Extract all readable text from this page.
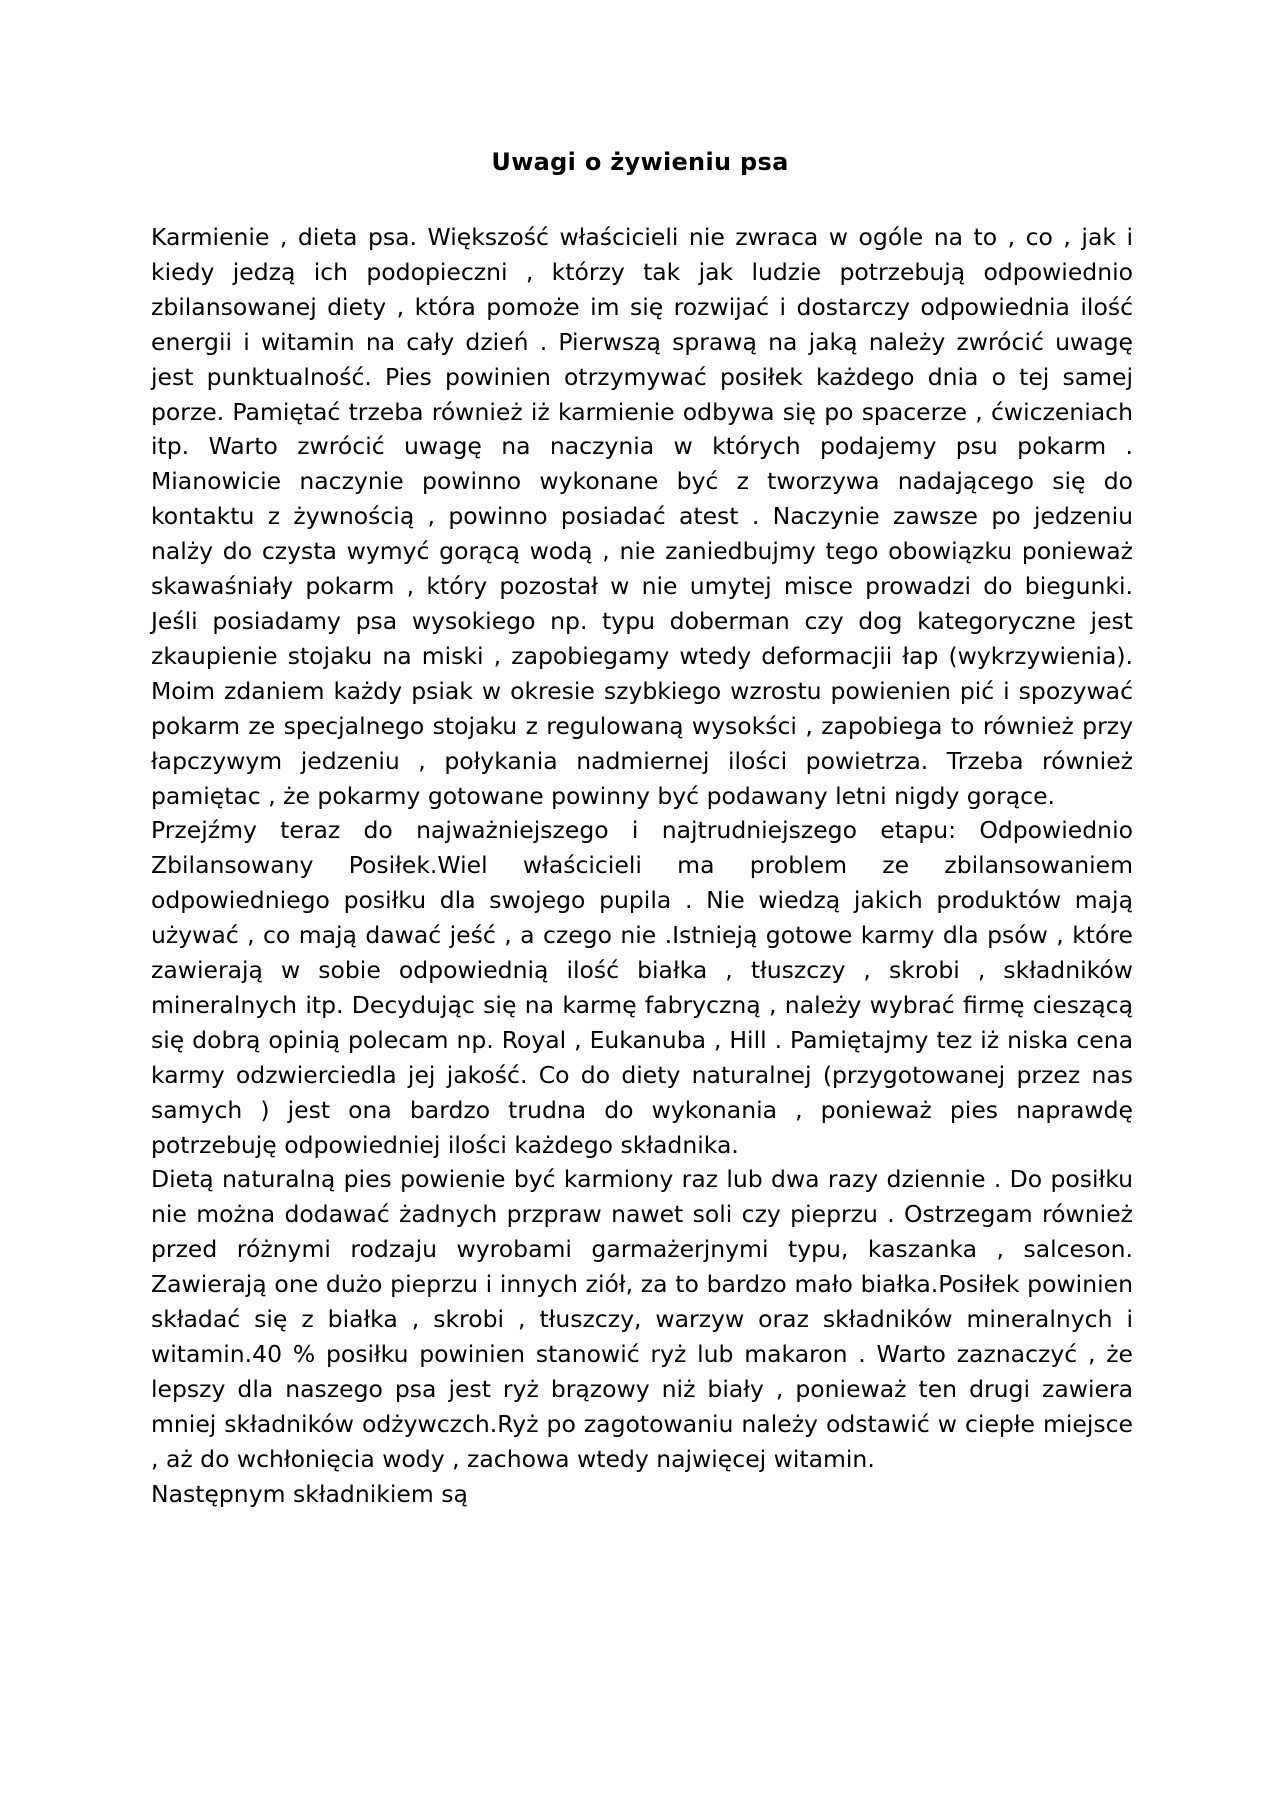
Uwagi o żywieniu psa

Karmienie , dieta psa. Większość właścicieli nie zwraca w ogóle na to , co , jak i kiedy jedzą ich podopieczni , którzy tak jak ludzie potrzebują odpowiednio zbilansowanej diety , która pomoże im się rozwijać i dostarczy odpowiednia ilość energii i witamin na cały dzień . Pierwszą sprawą na jaką należy zwrócić uwagę jest punktualność. Pies powinien otrzymywać posiłek każdego dnia o tej samej porze. Pamiętać trzeba również iż karmienie odbywa się po spacerze , ćwiczeniach itp. Warto zwrócić uwagę na naczynia w których podajemy psu pokarm . Mianowicie naczynie powinno wykonane być z tworzywa nadającego się do kontaktu z żywnością , powinno posiadać atest . Naczynie zawsze po jedzeniu nalży do czysta wymyć gorącą wodą , nie zaniedbujmy tego obowiązku ponieważ skawaśniały pokarm , który pozostał w nie umytej misce prowadzi do biegunki. Jeśli posiadamy psa wysokiego np. typu doberman czy dog kategoryczne jest zkaupienie stojaku na miski , zapobiegamy wtedy deformacjii łap (wykrzywienia). Moim zdaniem każdy psiak w okresie szybkiego wzrostu powienien pić i spozywać pokarm ze specjalnego stojaku z regulowaną wysokści , zapobiega to również przy łapczywym jedzeniu , połykania nadmiernej ilości powietrza. Trzeba również pamiętac , że pokarmy gotowane powinny być podawany letni nigdy gorące.

Przejźmy teraz do najważniejszego i najtrudniejszego etapu: Odpowiednio Zbilansowany Posiłek.Wiel właścicieli ma problem ze zbilansowaniem odpowiedniego posiłku dla swojego pupila . Nie wiedzą jakich produktów mają używać , co mają dawać jeść , a czego nie .Istnieją gotowe karmy dla psów , które zawierają w sobie odpowiednią ilość białka , tłuszczy , skrobi , składników mineralnych itp. Decydując się na karmę fabryczną , należy wybrać firmę cieszącą się dobrą opinią polecam np. Royal , Eukanuba , Hill . Pamiętajmy tez iż niska cena karmy odzwierciedla jej jakość. Co do diety naturalnej (przygotowanej przez nas samych ) jest ona bardzo trudna do wykonania , ponieważ pies naprawdę potrzebuję odpowiedniej ilości każdego składnika.

Dietą naturalną pies powienie być karmiony raz lub dwa razy dziennie . Do posiłku nie można dodawać żadnych przpraw nawet soli czy pieprzu . Ostrzegam również przed różnymi rodzaju wyrobami garmażerjnymi typu, kaszanka , salceson. Zawierają one dużo pieprzu i innych ziół, za to bardzo mało białka.Posiłek powinien składać się z białka , skrobi , tłuszczy, warzyw oraz składników mineralnych i witamin.40 % posiłku powinien stanowić ryż lub makaron . Warto zaznaczyć , że lepszy dla naszego psa jest ryż brązowy niż biały , ponieważ ten drugi zawiera mniej składników odżywczch.Ryż po zagotowaniu należy odstawić w ciepłe miejsce , aż do wchłonięcia wody , zachowa wtedy najwięcej witamin.

Następnym składnikiem są
